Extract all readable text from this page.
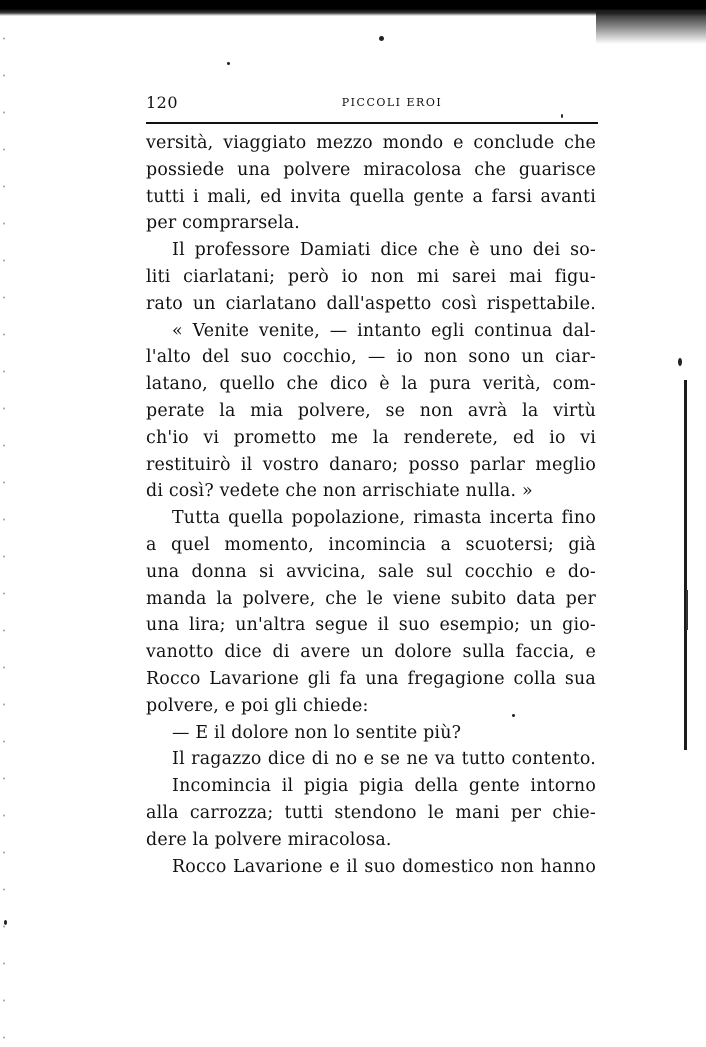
120	PICCOLI EROI
versità, viaggiato mezzo mondo e conclude che
possiede una polvere miracolosa che guarisce
tutti i mali, ed invita quella gente a farsi avanti
per comprarsela.
Il professore Damiati dice che è uno dei so-
liti ciarlatani; però io non mi sarei mai figu-
rato un ciarlatano dall'aspetto così rispettabile.
« Venite venite, — intanto egli continua dal-
l'alto del suo cocchio, — io non sono un ciar-
latano, quello che dico è la pura verità, com-
perate la mia polvere, se non avrà la virtù
ch'io vi prometto me la renderete, ed io vi
restituirò il vostro danaro; posso parlar meglio
di così? vedete che non arrischiate nulla. »
Tutta quella popolazione, rimasta incerta fino
a quel momento, incomincia a scuotersi; già
una donna si avvicina, sale sul cocchio e do-
manda la polvere, che le viene subito data per
una lira; un'altra segue il suo esempio; un gio-
vanotto dice di avere un dolore sulla faccia, e
Rocco Lavarione gli fa una fregagione colla sua
polvere, e poi gli chiede:
— E il dolore non lo sentite più?
Il ragazzo dice di no e se ne va tutto contento.
Incomincia il pigia pigia della gente intorno
alla carrozza; tutti stendono le mani per chie-
dere la polvere miracolosa.
Rocco Lavarione e il suo domestico non hanno
